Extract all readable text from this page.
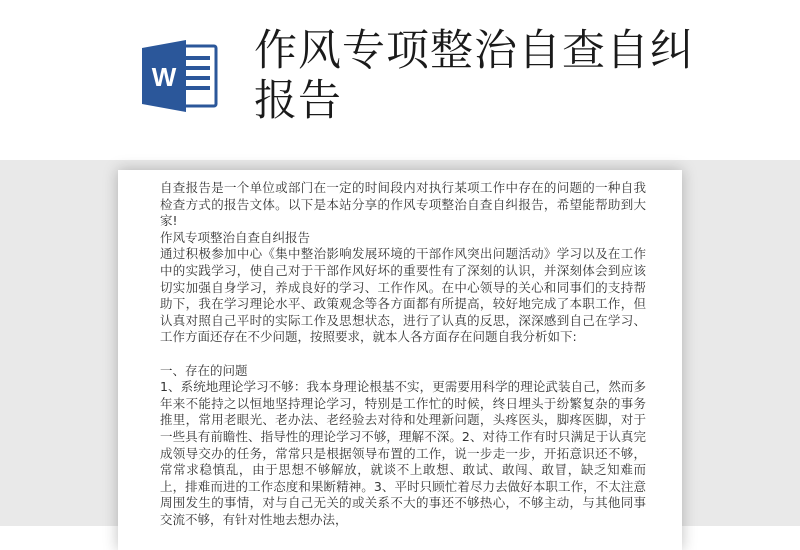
W
作风专项整治自查自纠报告

自查报告是一个单位或部门在一定的时间段内对执行某项工作中存在的问题的一种自我检查方式的报告文体。以下是本站分享的作风专项整治自查自纠报告，希望能帮助到大家!

作风专项整治自查自纠报告

通过积极参加中心《集中整治影响发展环境的干部作风突出问题活动》学习以及在工作中的实践学习，使自己对于干部作风好坏的重要性有了深刻的认识，并深刻体会到应该切实加强自身学习，养成良好的学习、工作作风。在中心领导的关心和同事们的支持帮助下，我在学习理论水平、政策观念等各方面都有所提高，较好地完成了本职工作，但认真对照自己平时的实际工作及思想状态，进行了认真的反思，深深感到自己在学习、工作方面还存在不少问题，按照要求，就本人各方面存在问题自我分析如下:

一、存在的问题

1、系统地理论学习不够：我本身理论根基不实，更需要用科学的理论武装自己，然而多年来不能持之以恒地坚持理论学习，特别是工作忙的时候，终日埋头于纷繁复杂的事务推里，常用老眼光、老办法、老经验去对待和处理新问题，头疼医头，脚疼医脚，对于一些具有前瞻性、指导性的理论学习不够，理解不深。2、对待工作有时只满足于认真完成领导交办的任务，常常只是根据领导布置的工作，说一步走一步，开拓意识还不够，常常求稳慎乱，由于思想不够解放，就谈不上敢想、敢试、敢闯、敢冒，缺乏知难而上，排难而进的工作态度和果断精神。3、平时只顾忙着尽力去做好本职工作，不太注意周围发生的事情，对与自己无关的或关系不大的事还不够热心，不够主动，与其他同事交流不够，有针对性地去想办法，
